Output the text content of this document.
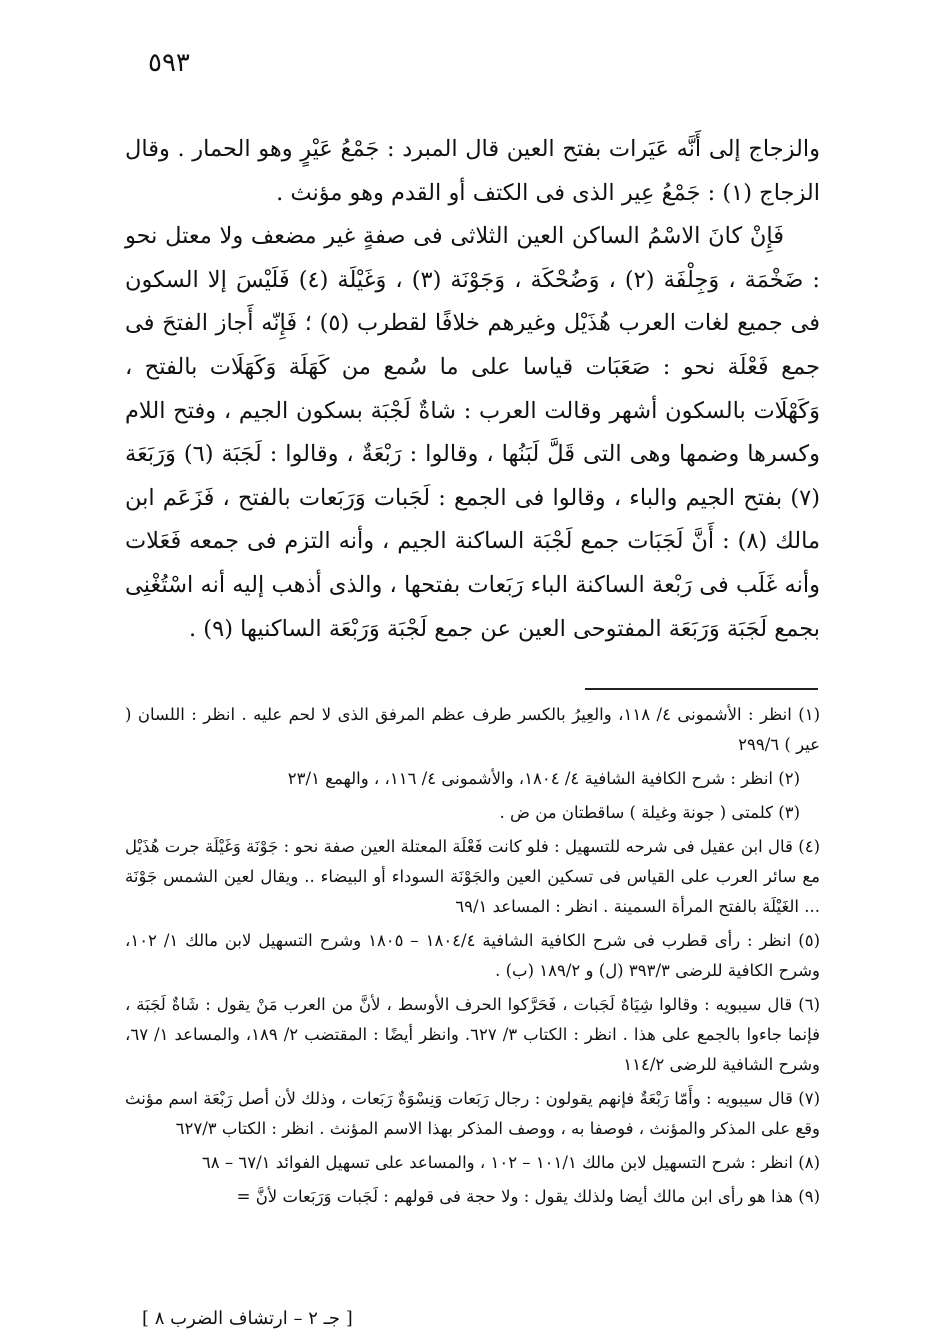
٥٩٣

والزجاج إلى أَنَّه عَيَرات بفتح العين قال المبرد : جَمْعُ عَيْرٍ وهو الحمار . وقال الزجاج (١) : جَمْعُ عِير الذى فى الكتف أو القدم وهو مؤنث .

فَإِنْ كانَ الاسْمُ الساكن العين الثلاثى فى صفةٍ غير مضعف ولا معتل نحو : ضَخْمَة ، وَجِلْفَة (٢) ، وَضُحْكَة ، وَجَوْنَة (٣) ، وَغَيْلَة (٤) فَلَيْسَ إلا السكون فى جميع لغات العرب هُذَيْل وغيرهم خلافًا لقطرب (٥) ؛ فَإِنّه أَجاز الفتحَ فى جمع فَعْلَة نحو : صَعَبَات قياسا على ما سُمع من كَهَلَة وَكَهَلَات بالفتح ، وَكَهْلَات بالسكون أشهر وقالت العرب : شاةٌ لَجْبَة بسكون الجيم ، وفتح اللام وكسرها وضمها وهى التى قَلَّ لَبَنُها ، وقالوا : رَبْعَةٌ ، وقالوا : لَجَبَة (٦) وَرَبَعَة (٧) بفتح الجيم والباء ، وقالوا فى الجمع : لَجَبات وَرَبَعات بالفتح ، فَزَعَم ابن مالك (٨) : أَنَّ لَجَبَات جمع لَجْبَة الساكنة الجيم ، وأنه التزم فى جمعه فَعَلات وأنه غَلَب فى رَبْعة الساكنة الباء رَبَعات بفتحها ، والذى أذهب إليه أنه اسْتُغْنِى بجمع لَجَبَة وَرَبَعَة المفتوحى العين عن جمع لَجْبَة وَرَبْعَة الساكنيها (٩) .

(١) انظر : الأشمونى ٤/ ١١٨، والعِيرُ بالكسر طرف عظم المرفق الذى لا لحم عليه . انظر : اللسان ( عير ) ٢٩٩/٦

(٢) انظر : شرح الكافية الشافية ٤/ ١٨٠٤، والأشمونى ٤/ ١١٦، ، والهمع ٢٣/١

(٣) كلمتى ( جونة وغيلة ) ساقطتان من ض .

(٤) قال ابن عقيل فى شرحه للتسهيل : فلو كانت فَعْلَة المعتلة العين صفة نحو : جَوْنَة وَغَيْلَة جرت هُذَيْل مع سائر العرب على القياس فى تسكين العين والجَوْنَة السوداء أو البيضاء .. ويقال لعين الشمس جَوْنَة ... الغَيْلَة بالفتح المرأة السمينة . انظر : المساعد ٦٩/١

(٥) انظر : رأى قطرب فى شرح الكافية الشافية ١٨٠٤/٤ – ١٨٠٥ وشرح التسهيل لابن مالك ١/ ١٠٢، وشرح الكافية للرضى ٣٩٣/٣ (ل) و ١٨٩/٢ (ب) .

(٦) قال سيبويه : وقالوا شِيَاهٌ لَجَبات ، فَحَرَّكوا الحرف الأوسط ، لأنَّ من العرب مَنْ يقول : شَاةٌ لَجَبَة ، فإنما جاءوا بالجمع على هذا . انظر : الكتاب ٣/ ٦٢٧. وانظر أيضًا : المقتضب ٢/ ١٨٩، والمساعد ١/ ٦٧، وشرح الشافية للرضى ١١٤/٢

(٧) قال سيبويه : وأَمّا رَبْعَةٌ فإنهم يقولون : رجال رَبَعات وَنِسْوَةٌ رَبَعات ، وذلك لأن أصل رَبْعَة اسم مؤنث وقع على المذكر والمؤنث ، فوصفا به ، ووصف المذكر بهذا الاسم المؤنث . انظر : الكتاب ٦٢٧/٣

(٨) انظر : شرح التسهيل لابن مالك ١٠١/١ – ١٠٢ ، والمساعد على تسهيل الفوائد ٦٧/١ – ٦٨

(٩) هذا هو رأى ابن مالك أيضا ولذلك يقول : ولا حجة فى قولهم : لَجَبات وَرَبَعات لأنَّ =

[ جـ ٢ – ارتشاف الضرب ٨ ]
